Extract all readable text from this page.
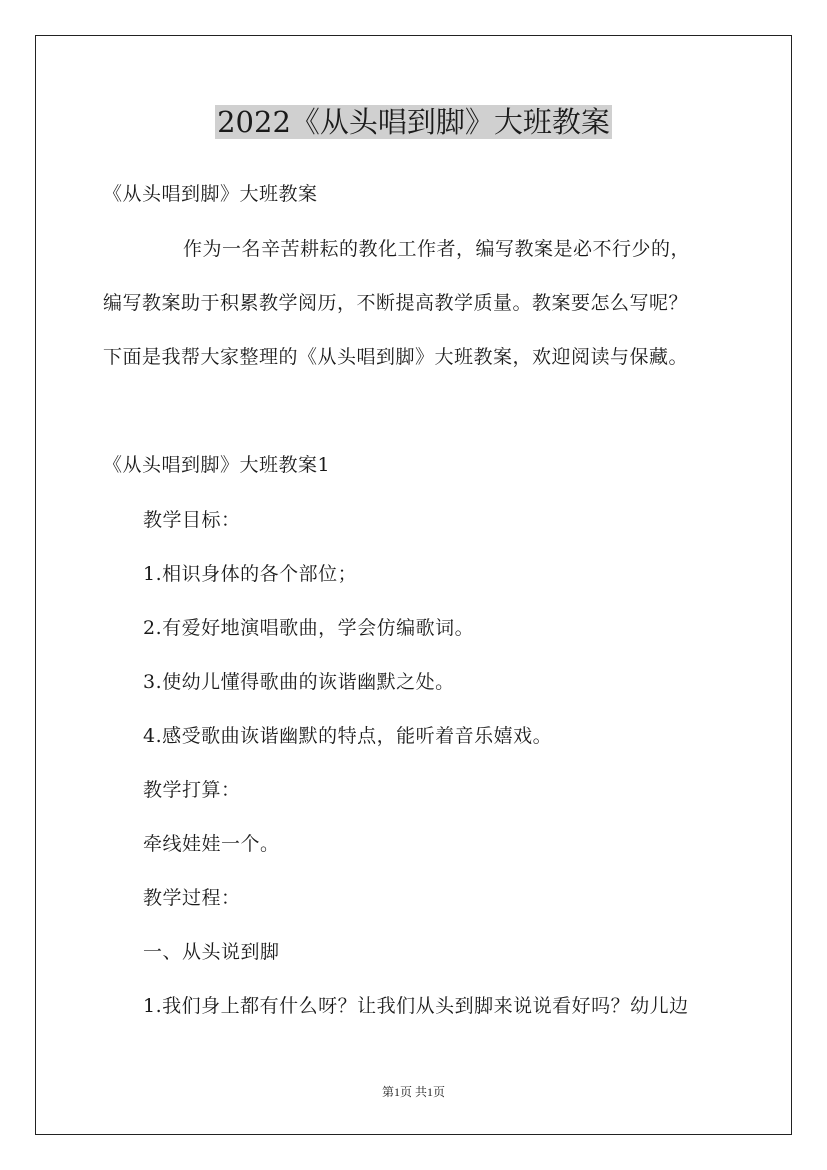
2022《从头唱到脚》大班教案
《从头唱到脚》大班教案
作为一名辛苦耕耘的教化工作者，编写教案是必不行少的，
编写教案助于积累教学阅历，不断提高教学质量。教案要怎么写呢？
下面是我帮大家整理的《从头唱到脚》大班教案，欢迎阅读与保藏。
《从头唱到脚》大班教案1
教学目标：
1.相识身体的各个部位；
2.有爱好地演唱歌曲，学会仿编歌词。
3.使幼儿懂得歌曲的诙谐幽默之处。
4.感受歌曲诙谐幽默的特点，能听着音乐嬉戏。
教学打算：
牵线娃娃一个。
教学过程：
一、从头说到脚
1.我们身上都有什么呀？让我们从头到脚来说说看好吗？幼儿边
第1页 共1页
